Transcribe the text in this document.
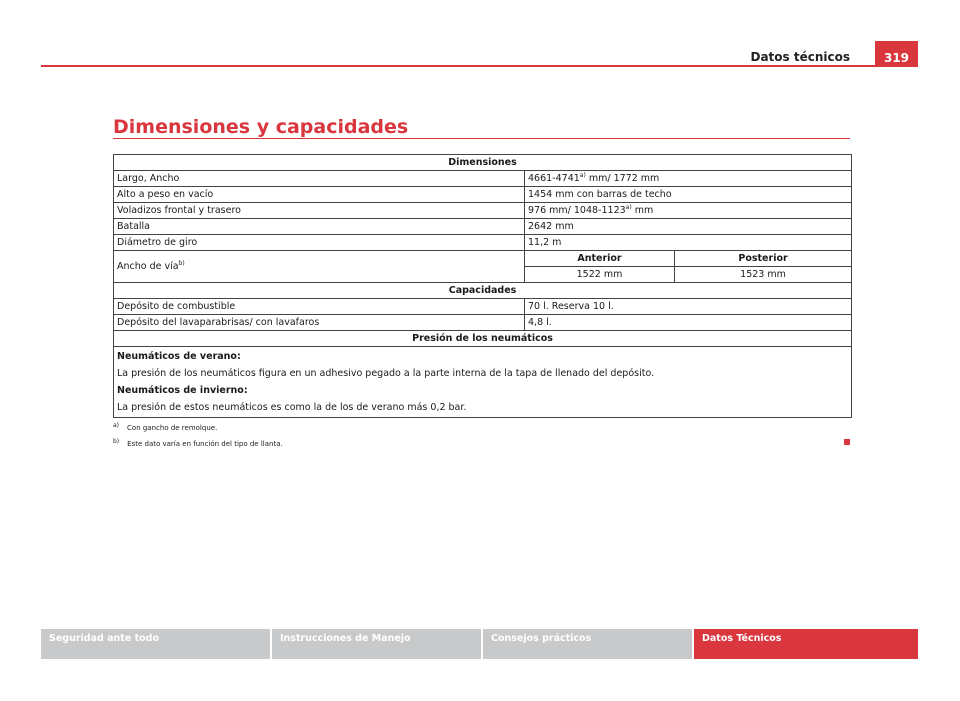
Datos técnicos	319
Dimensiones y capacidades
Dimensiones		
Largo, Ancho	4661-4741$^{a)}$ mm/ 1772 mm	
Alto a peso en vacío	1454 mm con barras de techo	
Voladizos frontal y trasero	976 mm/ 1048-1123$^{a)}$ mm	
Batalla	2642 mm	
Diámetro de giro	11,2 m	
Ancho de vía$^{b)}$	Anterior	Posterior
	1522 mm	1523 mm
Capacidades		
Depósito de combustible	70 l. Reserva 10 l.	
Depósito del lavaparabrisas/ con lavafaros	4,8 l.	
Presión de los neumáticos		

Neumáticos de verano:

La presión de los neumáticos figura en un adhesivo pegado a la parte interna de la tapa de llenado del depósito.

Neumáticos de invierno:

La presión de estos neumáticos es como la de los de verano más 0,2 bar.		

$^{a)}$ Con gancho de remolque.
$^{b)}$ Este dato varía en función del tipo de llanta.
Seguridad ante todo	Instrucciones de Manejo	Consejos prácticos	Datos Técnicos
